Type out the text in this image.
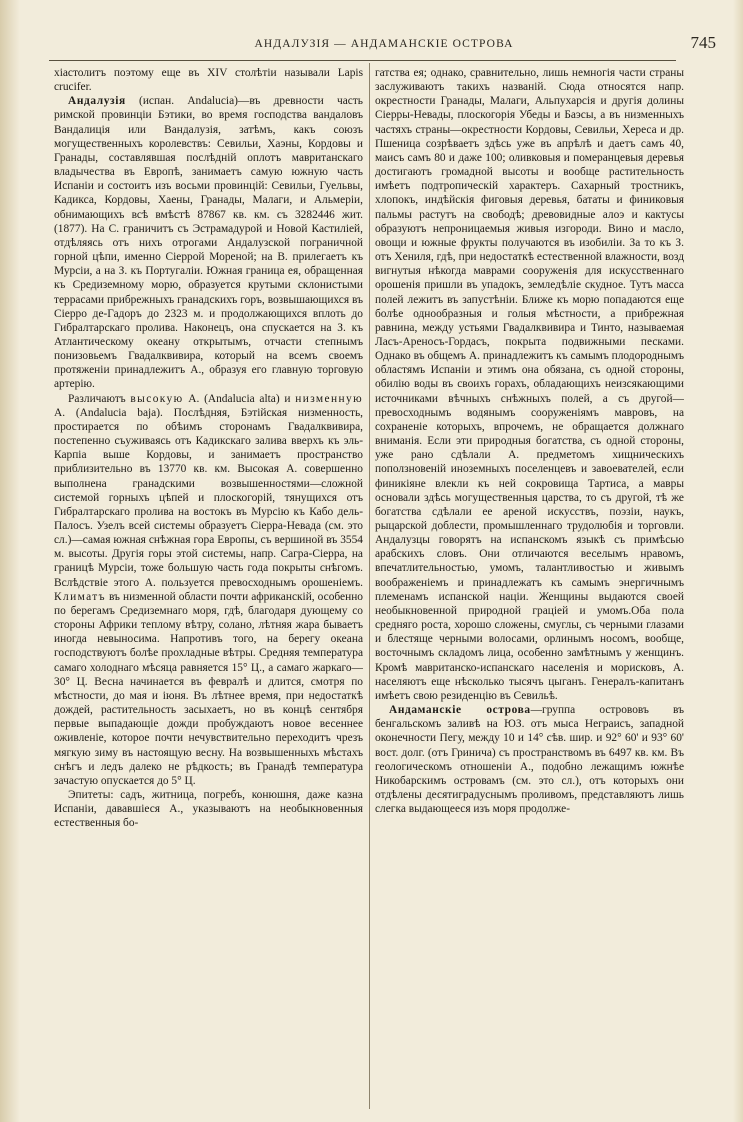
АНДАЛУЗIЯ — АНДАМАНСКIЕ ОСТРОВА	745

хiастолитъ поэтому еще въ XIV столѣтiи называли Lapis crucifer.

Андалузiя (испан. Andalucia)—въ древности часть римской провинцiи Бэтики, во время господства вандаловъ Вандалицiя или Вандалузiя, затѣмъ, какъ союзъ могущественныхъ королевствъ: Севильи, Хаэны, Кордовы и Гранады, составлявшая послѣднiй оплотъ мавританскаго владычества въ Европѣ, занимаетъ самую южную часть Испанiи и состоитъ изъ восьми провинцiй: Севильи, Гуельвы, Кадикса, Кордовы, Хаены, Гранады, Малаги, и Альмерiи, обнимающихъ всѣ вмѣстѣ 87867 кв. км. съ 3282446 жит. (1877). На С. граничитъ съ Эстрамадурой и Новой Кастилiей, отдѣляясь отъ нихъ отрогами Андалузской пограничной горной цѣпи, именно Сіеррой Мореной; на В. прилегаетъ къ Мурсiи, а на З. къ Португалiи. Южная граница ея, обращенная къ Средиземному морю, образуется крутыми склонистыми террасами прибрежныхъ гранадскихъ горъ, возвышающихся въ Сіерро де-Гадоръ до 2323 м. и продолжающихся вплоть до Гибралтарскаго пролива. Наконецъ, она спускается на З. къ Атлантическому океану открытымъ, отчасти степнымъ понизовьемъ Гвадалквивира, который на всемъ своемъ протяженiи принадлежитъ А., образуя его главную торговую артерiю.

Различаютъ высокую А. (Andalucia alta) и низменную А. (Andalucia baja). Послѣдняя, Бэтiйская низменность, простирается по обѣимъ сторонамъ Гвадалквивира, постепенно съуживаясь отъ Кадикскаго залива вверхъ къ эль-Карпiа выше Кордовы, и занимаетъ пространство приблизительно въ 13770 кв. км. Высокая А. совершенно выполнена гранадскими возвышенностями—сложной системой горныхъ цѣпей и плоскогорiй, тянущихся отъ Гибралтарскаго пролива на востокъ въ Мурсiю къ Кабо дель-Палосъ. Узелъ всей системы образуетъ Сiерра-Невада (см. это сл.)—самая южная снѣжная гора Европы, съ вершиной въ 3554 м. высоты. Другiя горы этой системы, напр. Сагра-Сiерра, на границѣ Мурсiи, тоже большую часть года покрыты снѣгомъ. Вслѣдствiе этого А. пользуется превосходнымъ орошенiемъ. Климатъ въ низменной области почти африканскiй, особенно по берегамъ Средиземнаго моря, гдѣ, благодаря дующему со стороны Африки теплому вѣтру, солано, лѣтняя жара бываетъ иногда невыносима. Напротивъ того, на берегу океана господствуютъ болѣе прохладные вѣтры. Средняя температура самаго холоднаго мѣсяца равняется 15° Ц., а самаго жаркаго—30° Ц. Весна начинается въ февралѣ и длится, смотря по мѣстности, до мая и iюня. Въ лѣтнее время, при недостаткѣ дождей, растительность засыхаетъ, но въ концѣ сентября первые выпадающiе дожди пробуждаютъ новое весеннее оживленiе, которое почти нечувствительно переходитъ чрезъ мягкую зиму въ настоящую весну. На возвышенныхъ мѣстахъ снѣгъ и ледъ далеко не рѣдкость; въ Гранадѣ температура зачастую опускается до 5° Ц.

Эпитеты: садъ, житница, погребъ, конюшня, даже казна Испанiи, дававшiеся А., указываютъ на необыкновенныя естественныя бо-

гатства ея; однако, сравнительно, лишь немногiя части страны заслуживаютъ такихъ названiй. Сюда относятся напр. окрестности Гранады, Малаги, Альпухарсiя и другiя долины Сiерры-Невады, плоскогорiя Убеды и Баэсы, а въ низменныхъ частяхъ страны—окрестности Кордовы, Севильи, Хереса и др. Пшеница созрѣваетъ здѣсь уже въ апрѣлѣ и даетъ самъ 40, маисъ самъ 80 и даже 100; оливковыя и померанцевыя деревья достигаютъ громадной высоты и вообще растительность имѣетъ подтропическiй характеръ. Сахарный тростникъ, хлопокъ, индѣйскiя фиговыя деревья, бататы и финиковыя пальмы растутъ на свободѣ; древовидные алоэ и кактусы образуютъ непроницаемыя живыя изгороди. Вино и масло, овощи и южные фрукты получаются въ изобилiи. За то къ З. отъ Хениля, гдѣ, при недостаткѣ естественной влажности, возд вигнутыя нѣкогда маврами сооруженiя для искусственнаго орошенiя пришли въ упадокъ, земледѣлiе скудное. Тутъ масса полей лежитъ въ запустѣнiи. Ближе къ морю попадаются еще болѣе однообразныя и голыя мѣстности, а прибрежная равнина, между устьями Гвадалквивира и Тинто, называемая Ласъ-Ареносъ-Гордасъ, покрыта подвижными песками. Однако въ общемъ А. принадлежитъ къ самымъ плодороднымъ областямъ Испанiи и этимъ она обязана, съ одной стороны, обилiю воды въ своихъ горахъ, обладающихъ неизсякающими источниками вѣчныхъ снѣжныхъ полей, а съ другой—превосходнымъ водянымъ сооруженiямъ мавровъ, на сохраненiе которыхъ, впрочемъ, не обращается должнаго вниманiя. Если эти природныя богатства, съ одной стороны, уже рано сдѣлали А. предметомъ хищническихъ поползновенiй иноземныхъ поселенцевъ и завоевателей, если финикiяне влекли къ ней сокровища Тартиса, а мавры основали здѣсь могущественныя царства, то съ другой, тѣ же богатства сдѣлали ее ареной искусствъ, поэзiи, наукъ, рыцарской доблести, промышленнаго трудолюбiя и торговли. Андалузцы говорятъ на испанскомъ языкѣ съ примѣсью арабскихъ словъ. Они отличаются веселымъ нравомъ, впечатлительностью, умомъ, талантливостью и живымъ воображенiемъ и принадлежатъ къ самымъ энергичнымъ племенамъ испанской нацiи. Женщины выдаются своей необыкновенной природной грацiей и умомъ.Оба пола средняго роста, хорошо сложены, смуглы, съ черными глазами и блестяще черными волосами, орлинымъ носомъ, вообще, восточнымъ складомъ лица, особенно замѣтнымъ у женщинъ. Кромѣ мавританско-испанскаго населенiя и морисковъ, А. населяютъ еще нѣсколько тысячъ цыганъ. Генералъ-капитанъ имѣетъ свою резиденцiю въ Севильѣ.

Андаманскiе острова—группа острововъ въ бенгальскомъ заливѣ на ЮЗ. отъ мыса Неграисъ, западной оконечности Пегу, между 10 и 14° сѣв. шир. и 92° 60' и 93° 60' вост. долг. (отъ Гриничa) съ пространствомъ въ 6497 кв. км. Въ геологическомъ отношенiи А., подобно лежащимъ южнѣе Никобарскимъ островамъ (см. это сл.), отъ которыхъ они отдѣлены десятиградуснымъ проливомъ, представляютъ лишь слегка выдающееся изъ моря продолже-
